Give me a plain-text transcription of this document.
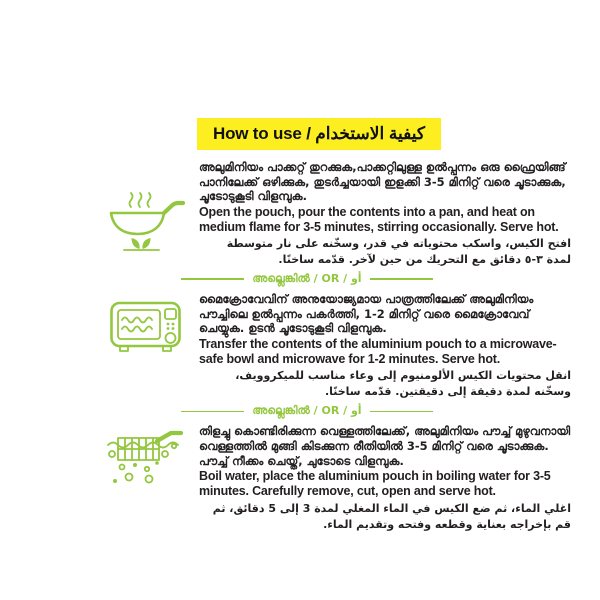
How to use / كيفية الاستخدام
അലുമിനിയം പാക്കറ്റ് തുറക്കുക,പാക്കറ്റിലുള്ള ഉൽപ്പന്നം ഒരു ഫ്രൈയിങ്ങ് പാനിലേക്ക് ഒഴിക്കുക, തുടർച്ചയായി ഇളക്കി 3-5 മിനിറ്റ് വരെ ചൂടാക്കുക, ചൂടോടുകൂടി വിളമ്പുക.
Open the pouch, pour the contents into a pan, and heat on medium flame for 3-5 minutes, stirring occasionally. Serve hot.
افتح الكيس، واسكب محتوياته في قدر، وسخّنه على نار متوسطة لمدة ٣-٥ دقائق مع التحريك من حين لآخر. قدّمه ساخنًا.
അല്ലെങ്കിൽ / OR / أو
മൈക്രോവേവിന് അനുയോജ്യമായ പാത്രത്തിലേക്ക് അലുമിനിയം പൗച്ചിലെ ഉൽപ്പന്നം പകർത്തി, 1-2 മിനിറ്റ് വരെ മൈക്രോവേവ് ചെയ്യുക. ഉടൻ ചൂടോടുകൂടി വിളമ്പുക.
Transfer the contents of the aluminium pouch to a microwave-safe bowl and microwave for 1-2 minutes. Serve hot.
انقل محتويات الكيس الألومنيوم إلى وعاء مناسب للميكروويف، وسخّنه لمدة دقيقة إلى دقيقتين. قدّمه ساخنًا.
അല്ലെങ്കിൽ / OR / أو
തിളച്ചു കൊണ്ടിരിക്കുന്ന വെള്ളത്തിലേക്ക്, അലുമിനിയം പൗച്ച് മുഴുവനായി വെള്ളത്തിൽ മുങ്ങി കിടക്കുന്ന രീതിയിൽ 3-5 മിനിറ്റ് വരെ ചൂടാക്കുക. പൗച്ച് നീക്കം ചെയ്ത്, ചുടോടെ വിളമ്പുക.
Boil water, place the aluminium pouch in boiling water for 3-5 minutes. Carefully remove, cut, open and serve hot.
اغلي الماء، ثم ضع الكيس في الماء المغلي لمدة 3 إلى 5 دقائق، ثم قم بإخراجه بعناية وقطعه وفتحه وتقديم الماء.
